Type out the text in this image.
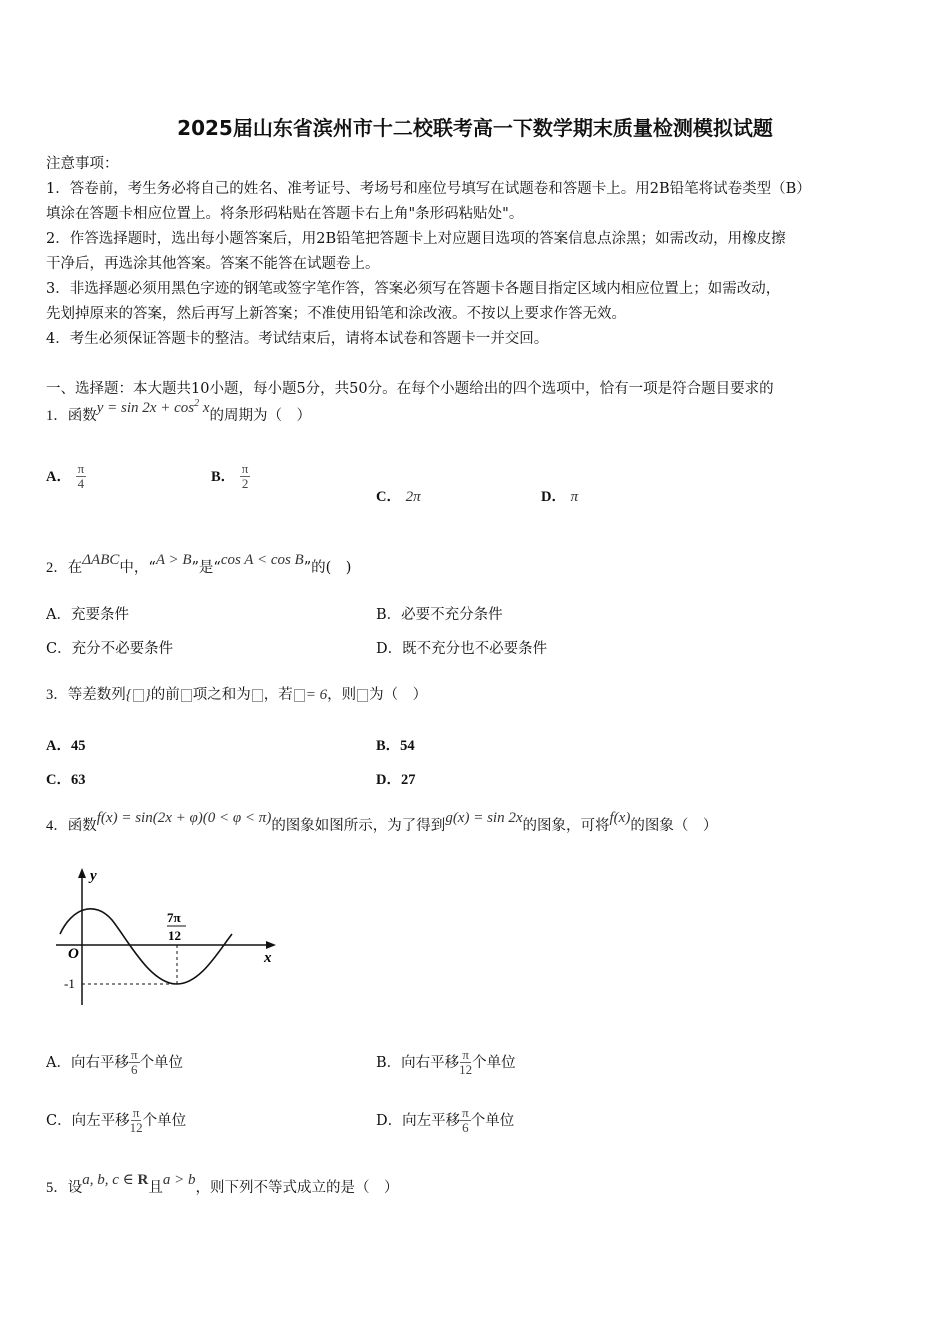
2025届山东省滨州市十二校联考高一下数学期末质量检测模拟试题
注意事项：
1．答卷前，考生务必将自己的姓名、准考证号、考场号和座位号填写在试题卷和答题卡上。用2B铅笔将试卷类型（B）
填涂在答题卡相应位置上。将条形码粘贴在答题卡右上角"条形码粘贴处"。
2．作答选择题时，选出每小题答案后，用2B铅笔把答题卡上对应题目选项的答案信息点涂黑；如需改动，用橡皮擦
干净后，再选涂其他答案。答案不能答在试题卷上。
3．非选择题必须用黑色字迹的钢笔或签字笔作答，答案必须写在答题卡各题目指定区域内相应位置上；如需改动，
先划掉原来的答案，然后再写上新答案；不准使用铅笔和涂改液。不按以上要求作答无效。
4．考生必须保证答题卡的整洁。考试结束后，请将本试卷和答题卡一并交回。
一、选择题：本大题共10小题，每小题5分，共50分。在每个小题给出的四个选项中，恰有一项是符合题目要求的
1．函数$y = \sin 2x + \cos^2 x$的周期为（　）
A． $\frac{\pi}{4}$	B． $\frac{\pi}{2}$
C． 2π	D． π
2．在ΔABC中，“A > B”是“cos A < cos B”的(　)
A．充要条件	B．必要不充分条件
C．充分不必要条件	D．既不充分也不必要条件
3．等差数列{ }的前 项之和为 ，若 = 6，则 为（　）
A．45	B．54
C．63	D．27
4．函数f(x) = sin(2x + φ)(0 < φ < π)的图象如图所示，为了得到g(x) = sin 2x的图象，可将f(x)的图象（　）
y
x
O
-1
7π
12
A．向右平移 $\frac{\pi}{6}$ 个单位	B．向右平移 $\frac{\pi}{12}$ 个单位
C．向左平移 $\frac{\pi}{12}$ 个单位	D．向左平移 $\frac{\pi}{6}$ 个单位
5．设a, b, c ∈ R且a > b，则下列不等式成立的是（　）
